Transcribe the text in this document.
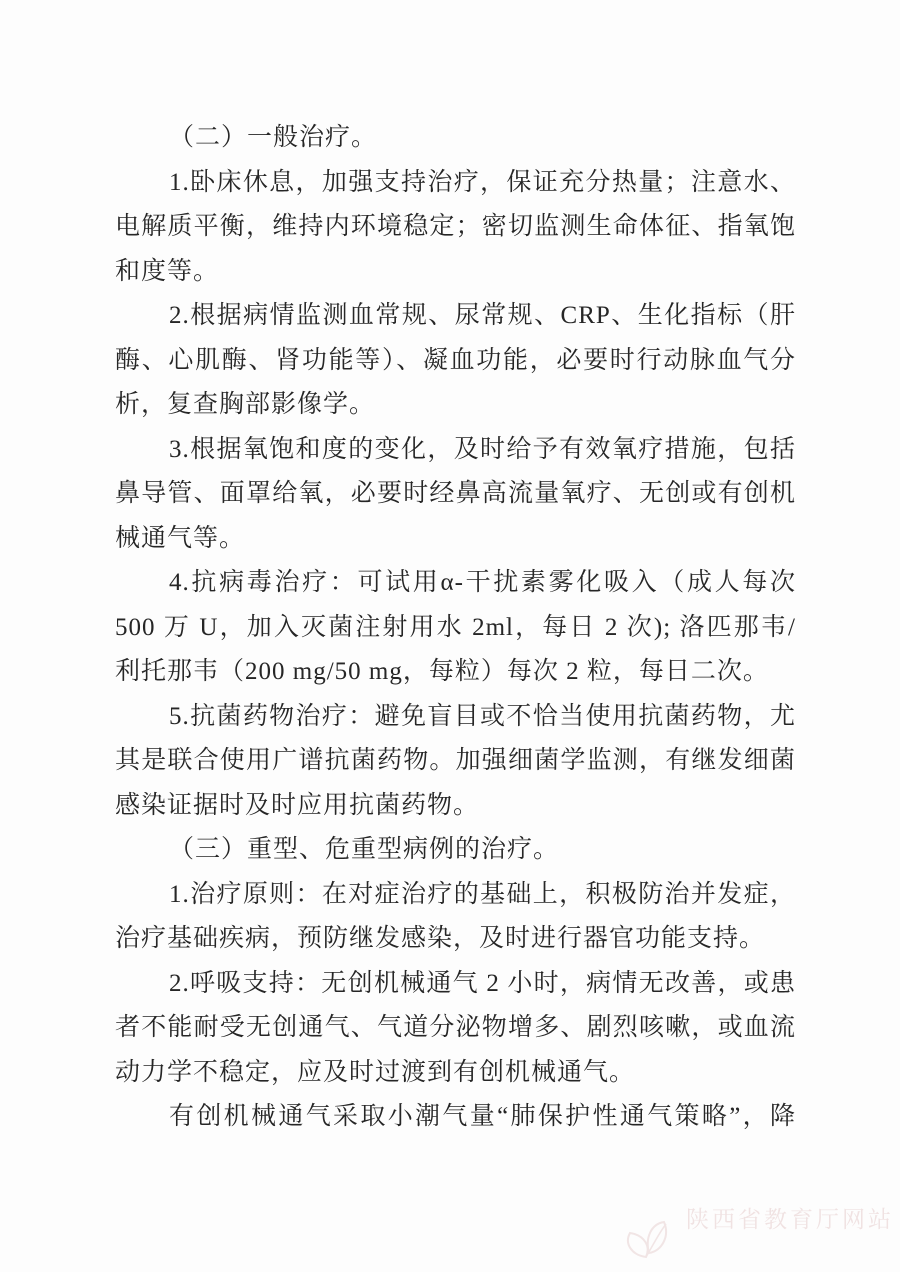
（二）一般治疗。
1.卧床休息，加强支持治疗，保证充分热量；注意水、
电解质平衡，维持内环境稳定；密切监测生命体征、指氧饱
和度等。
2.根据病情监测血常规、尿常规、CRP、生化指标（肝
酶、心肌酶、肾功能等）、凝血功能，必要时行动脉血气分
析，复查胸部影像学。
3.根据氧饱和度的变化，及时给予有效氧疗措施，包括
鼻导管、面罩给氧，必要时经鼻高流量氧疗、无创或有创机
械通气等。
4.抗病毒治疗：可试用α-干扰素雾化吸入（成人每次
500 万 U，加入灭菌注射用水 2ml，每日 2 次); 洛匹那韦/
利托那韦（200 mg/50 mg，每粒）每次 2 粒，每日二次。
5.抗菌药物治疗：避免盲目或不恰当使用抗菌药物，尤
其是联合使用广谱抗菌药物。加强细菌学监测，有继发细菌
感染证据时及时应用抗菌药物。
（三）重型、危重型病例的治疗。
1.治疗原则：在对症治疗的基础上，积极防治并发症，
治疗基础疾病，预防继发感染，及时进行器官功能支持。
2.呼吸支持：无创机械通气 2 小时，病情无改善，或患
者不能耐受无创通气、气道分泌物增多、剧烈咳嗽，或血流
动力学不稳定，应及时过渡到有创机械通气。
有创机械通气采取小潮气量“肺保护性通气策略”，降
陕西省教育厅网站
